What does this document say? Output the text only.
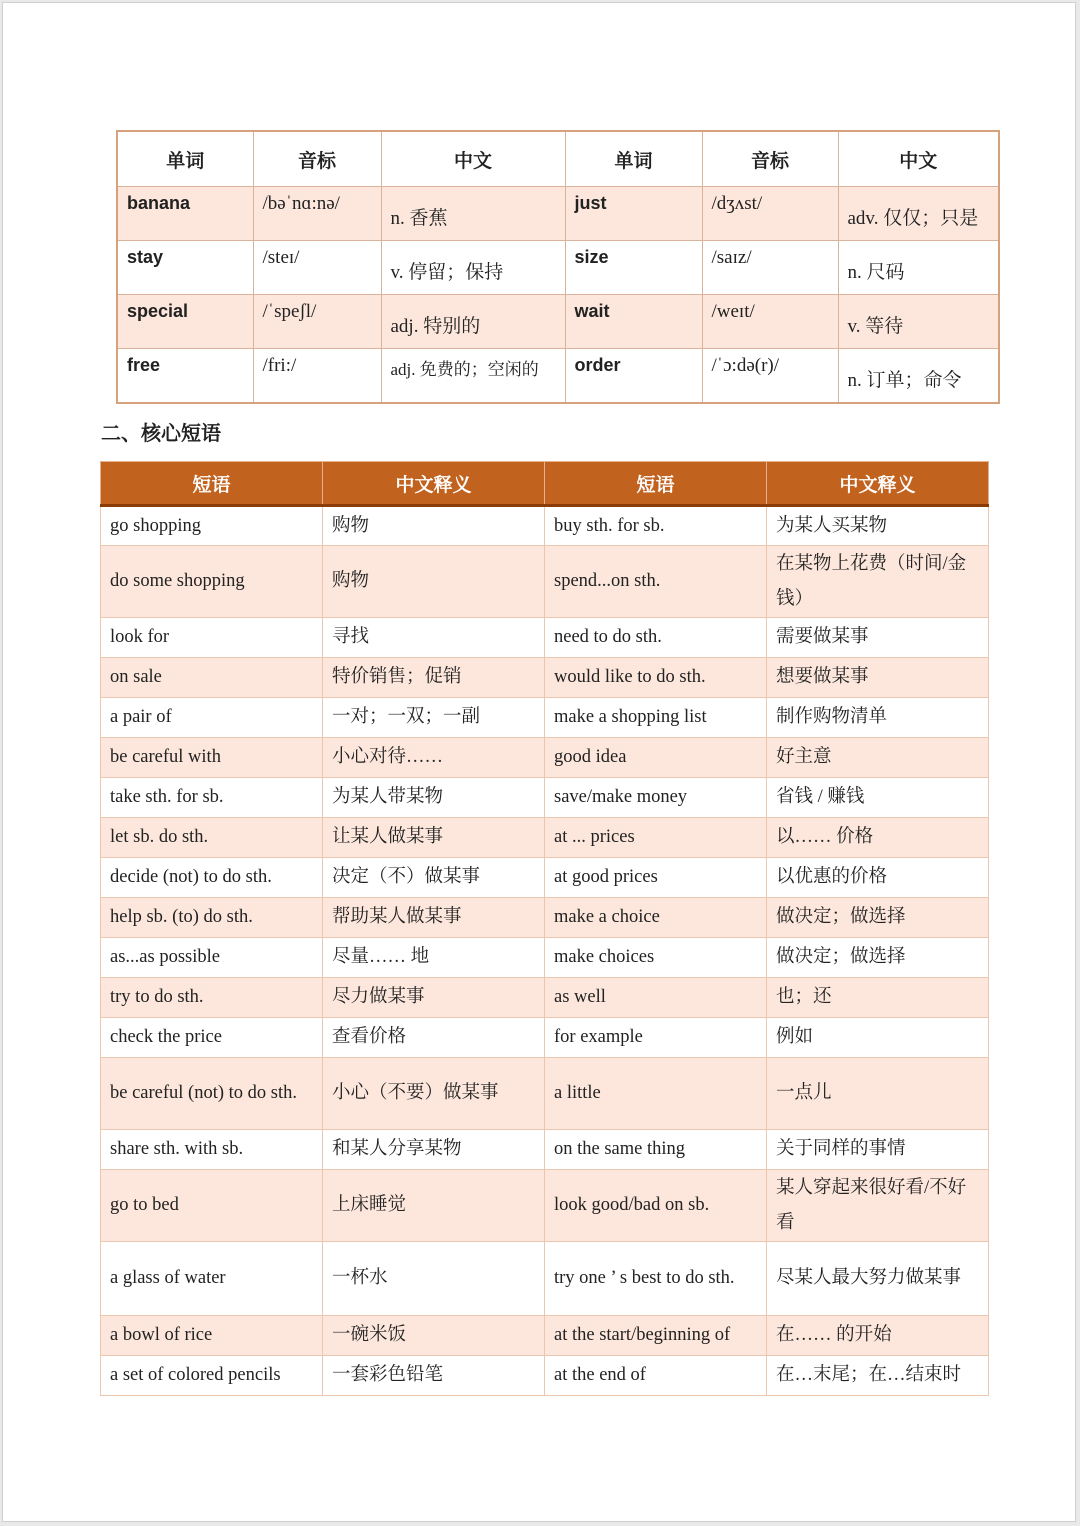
单词	音标	中文	单词	音标	中文
banana	/bəˈnɑ:nə/	n. 香蕉	just	/dʒʌst/	adv. 仅仅；只是
stay	/steɪ/	v. 停留；保持	size	/saɪz/	n. 尺码
special	/ˈspeʃl/	adj. 特别的	wait	/weɪt/	v. 等待
free	/fri:/	adj. 免费的；空闲的	order	/ˈɔ:də(r)/	n. 订单；命令
二、核心短语
短语	中文释义	短语	中文释义
go shopping	购物	buy sth. for sb.	为某人买某物
do some shopping	购物	spend...on sth.	在某物上花费（时间/金钱）
look for	寻找	need to do sth.	需要做某事
on sale	特价销售；促销	would like to do sth.	想要做某事
a pair of	一对；一双；一副	make a shopping list	制作购物清单
be careful with	小心对待……	good idea	好主意
take sth. for sb.	为某人带某物	save/make money	省钱 / 赚钱
let sb. do sth.	让某人做某事	at ... prices	以…… 价格
decide (not) to do sth.	决定（不）做某事	at good prices	以优惠的价格
help sb. (to) do sth.	帮助某人做某事	make a choice	做决定；做选择
as...as possible	尽量…… 地	make choices	做决定；做选择
try to do sth.	尽力做某事	as well	也；还
check the price	查看价格	for example	例如
be careful (not) to do sth.	小心（不要）做某事	a little	一点儿
share sth. with sb.	和某人分享某物	on the same thing	关于同样的事情
go to bed	上床睡觉	look good/bad on sb.	某人穿起来很好看/不好看
a glass of water	一杯水	try one ’ s best to do sth.	尽某人最大努力做某事
a bowl of rice	一碗米饭	at the start/beginning of	在…… 的开始
a set of colored pencils	一套彩色铅笔	at the end of	在…末尾；在…结束时
